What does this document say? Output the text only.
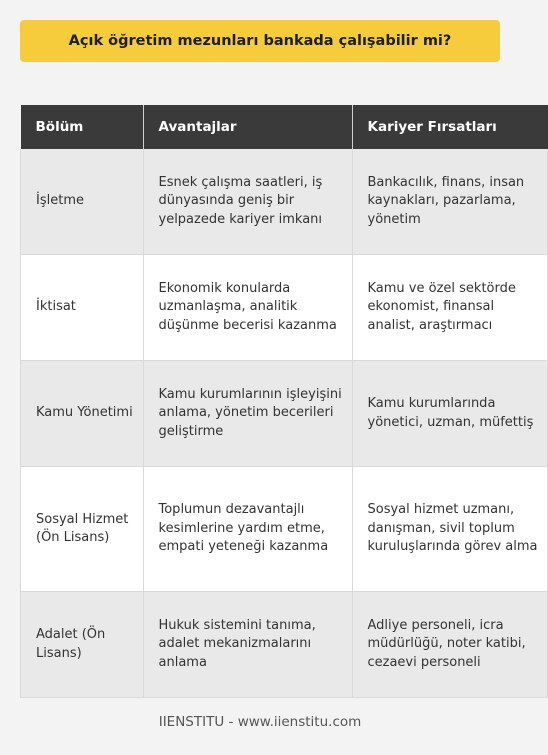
Açık öğretim mezunları bankada çalışabilir mi?
Bölüm	Avantajlar	Kariyer Fırsatları
İşletme	Esnek çalışma saatleri, iş dünyasında geniş bir yelpazede kariyer imkanı	Bankacılık, finans, insan kaynakları, pazarlama, yönetim
İktisat	Ekonomik konularda uzmanlaşma, analitik düşünme becerisi kazanma	Kamu ve özel sektörde ekonomist, finansal analist, araştırmacı
Kamu Yönetimi	Kamu kurumlarının işleyişini anlama, yönetim becerileri geliştirme	Kamu kurumlarında yönetici, uzman, müfettiş
Sosyal Hizmet (Ön Lisans)	Toplumun dezavantajlı kesimlerine yardım etme, empati yeteneği kazanma	Sosyal hizmet uzmanı, danışman, sivil toplum kuruluşlarında görev alma
Adalet (Ön Lisans)	Hukuk sistemini tanıma, adalet mekanizmalarını anlama	Adliye personeli, icra müdürlüğü, noter katibi, cezaevi personeli
IIENSTITU - www.iienstitu.com
